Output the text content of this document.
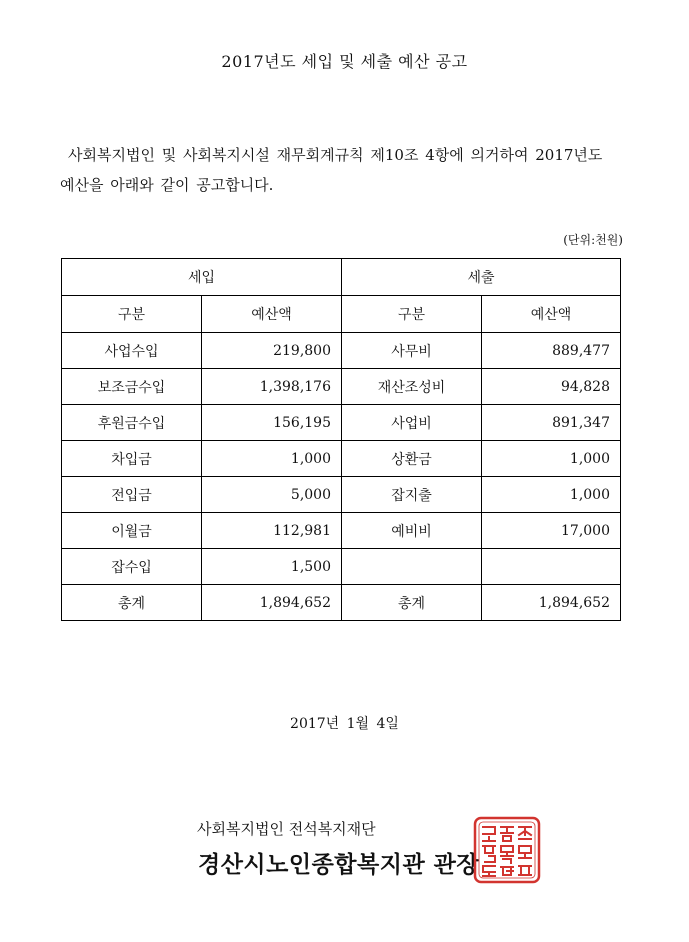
2017년도 세입 및 세출 예산 공고
사회복지법인 및 사회복지시설 재무회계규칙 제10조 4항에 의거하여 2017년도
예산을 아래와 같이 공고합니다.
(단위:천원)
세입		세출	
구분	예산액	구분	예산액
사업수입	219,800	사무비	889,477
보조금수입	1,398,176	재산조성비	94,828
후원금수입	156,195	사업비	891,347
차입금	1,000	상환금	1,000
전입금	5,000	잡지출	1,000
이월금	112,981	예비비	17,000
잡수입	1,500		
총계	1,894,652	총계	1,894,652
2017년 1월 4일
사회복지법인 전석복지재단
경산시노인종합복지관 관장
